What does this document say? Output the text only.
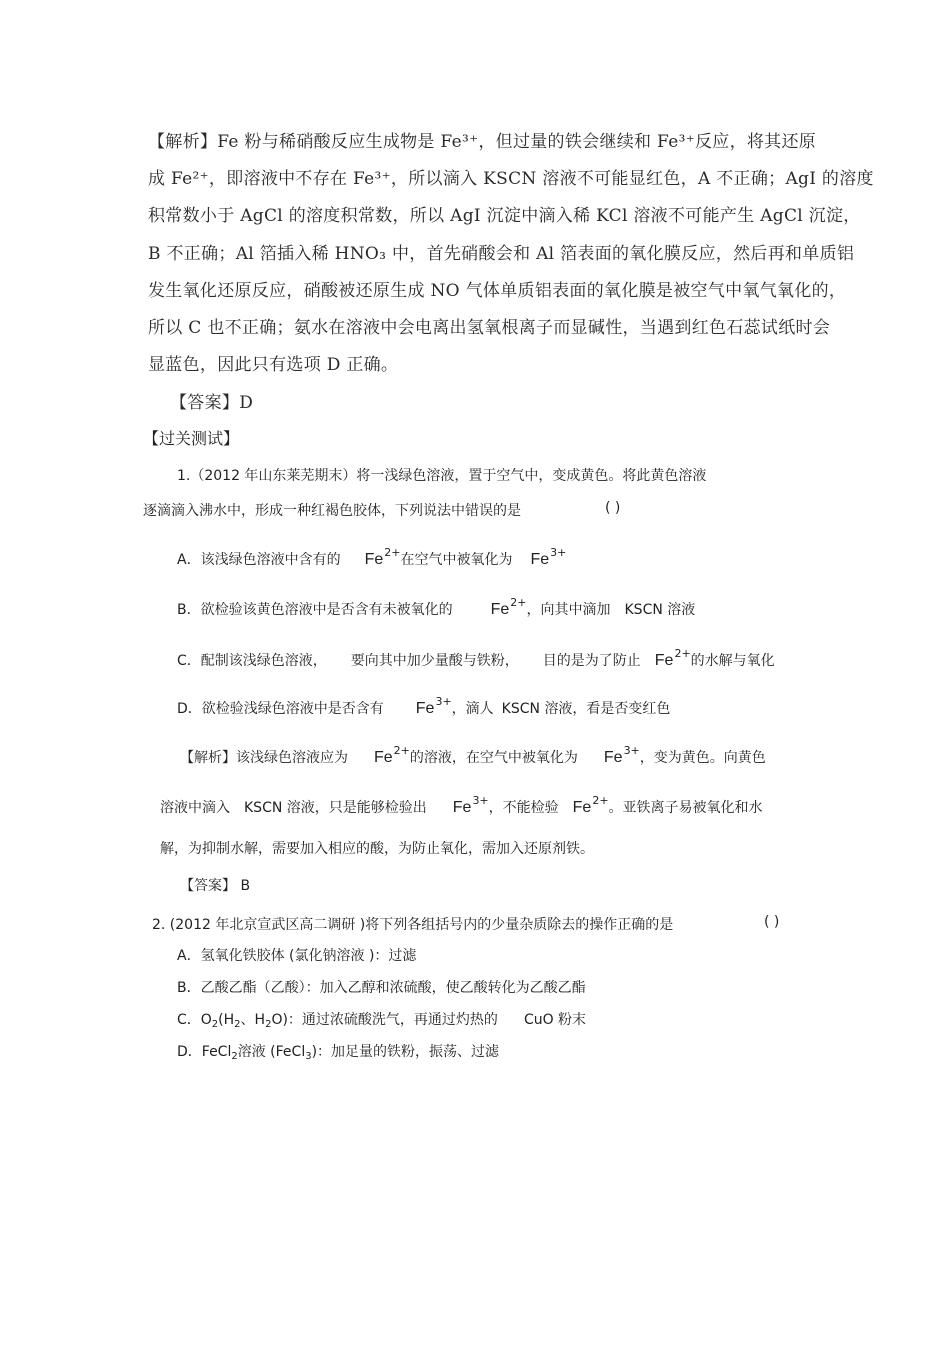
【解析】Fe 粉与稀硝酸反应生成物是 Fe³⁺，但过量的铁会继续和 Fe³⁺反应，将其还原
成 Fe²⁺，即溶液中不存在 Fe³⁺，所以滴入 KSCN 溶液不可能显红色，A 不正确；AgI 的溶度
积常数小于 AgCl 的溶度积常数，所以 AgI 沉淀中滴入稀 KCl 溶液不可能产生 AgCl 沉淀，
B 不正确；Al 箔插入稀 HNO₃ 中，首先硝酸会和 Al 箔表面的氧化膜反应，然后再和单质铝
发生氧化还原反应，硝酸被还原生成 NO 气体单质铝表面的氧化膜是被空气中氧气氧化的，
所以 C 也不正确；氨水在溶液中会电离出氢氧根离子而显碱性，当遇到红色石蕊试纸时会
显蓝色，因此只有选项 D 正确。
【答案】D
【过关测试】
1.（2012 年山东莱芜期末）将一浅绿色溶液，置于空气中，变成黄色。将此黄色溶液
逐滴滴入沸水中，形成一种红褐色胶体，下列说法中错误的是	( )
A．该浅绿色溶液中含有的 $Fe^{2+}$在空气中被氧化为 $Fe^{3+}$
B．欲检验该黄色溶液中是否含有未被氧化的 $Fe^{2+}$，向其中滴加 KSCN 溶液
C．配制该浅绿色溶液， 要向其中加少量酸与铁粉， 目的是为了防止 $Fe^{2+}$的水解与氧化
D．欲检验浅绿色溶液中是否含有 $Fe^{3+}$，滴人 KSCN 溶液，看是否变红色
【解析】该浅绿色溶液应为 $Fe^{2+}$的溶液，在空气中被氧化为 $Fe^{3+}$，变为黄色。向黄色
溶液中滴入 KSCN 溶液，只是能够检验出 $Fe^{3+}$，不能检验 $Fe^{2+}$。亚铁离子易被氧化和水
解，为抑制水解，需要加入相应的酸，为防止氧化，需加入还原剂铁。
【答案】 B
2. (2012 年北京宣武区高二调研 )将下列各组括号内的少量杂质除去的操作正确的是	( )
A．氢氧化铁胶体 (氯化钠溶液 )：过滤
B．乙酸乙酯（乙酸）：加入乙醇和浓硫酸，使乙酸转化为乙酸乙酯
C．$O_2(H_2$、$H_2O$)：通过浓硫酸洗气，再通过灼热的 CuO 粉末
D．FeCl$_2$溶液 (FeCl$_3$)：加足量的铁粉，振荡、过滤
